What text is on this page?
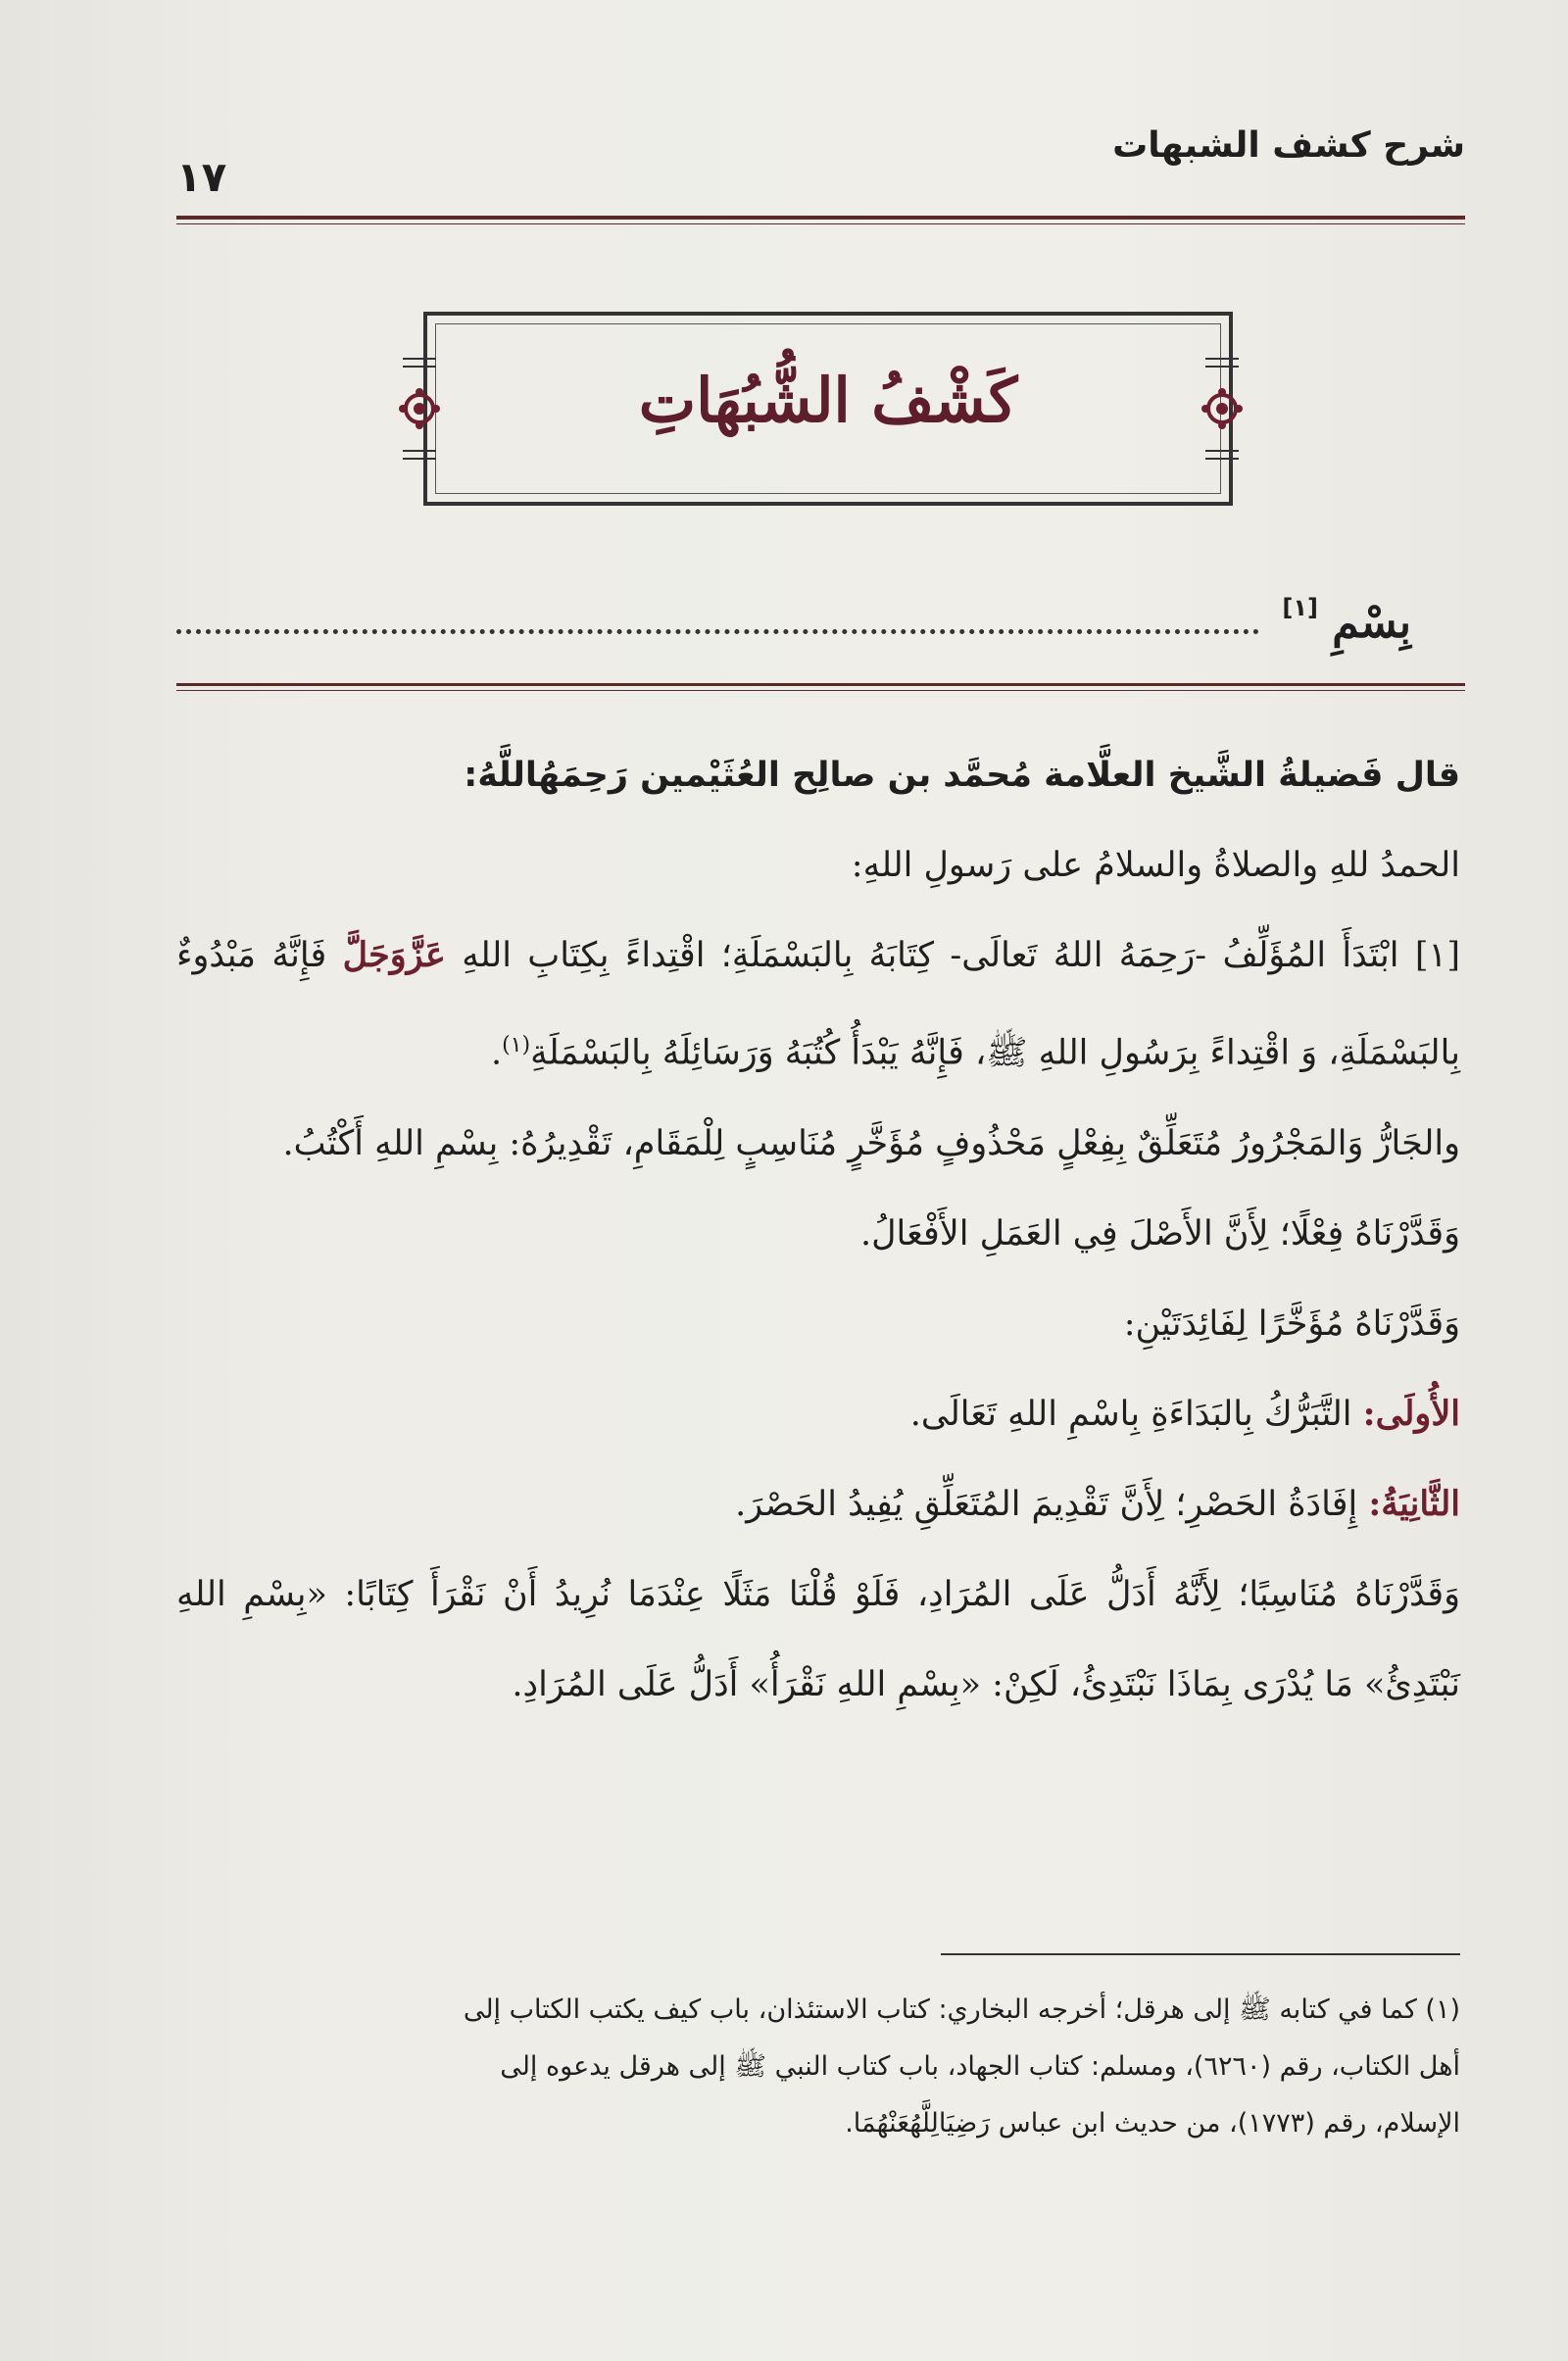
شرح كشف الشبهات
١٧
كَشْفُ الشُّبُهَاتِ
بِسْمِ
[١]

قال فَضيلةُ الشَّيخ العلَّامة مُحمَّد بن صالِح العُثَيْمين رَحِمَهُاللَّهُ:

الحمدُ للهِ والصلاةُ والسلامُ على رَسولِ اللهِ:

[١] ابْتَدَأَ المُؤَلِّفُ -رَحِمَهُ اللهُ تَعالَى- كِتَابَهُ بِالبَسْمَلَةِ؛ اقْتِداءً بِكِتَابِ اللهِ عَزَّوَجَلَّ فَإِنَّهُ مَبْدُوءٌ بِالبَسْمَلَةِ، وَ اقْتِداءً بِرَسُولِ اللهِ ﷺ، فَإِنَّهُ يَبْدَأُ كُتُبَهُ وَرَسَائِلَهُ بِالبَسْمَلَةِ$^{(١)}$.

والجَارُّ وَالمَجْرُورُ مُتَعَلِّقٌ بِفِعْلٍ مَحْذُوفٍ مُؤَخَّرٍ مُنَاسِبٍ لِلْمَقَامِ، تَقْدِيرُهُ: بِسْمِ اللهِ أَكْتُبُ.

وَقَدَّرْنَاهُ فِعْلًا؛ لِأَنَّ الأَصْلَ فِي العَمَلِ الأَفْعَالُ.

وَقَدَّرْنَاهُ مُؤَخَّرًا لِفَائِدَتَيْنِ:

الأُولَى: التَّبَرُّكُ بِالبَدَاءَةِ بِاسْمِ اللهِ تَعَالَى.

الثَّانِيَةُ: إِفَادَةُ الحَصْرِ؛ لِأَنَّ تَقْدِيمَ المُتَعَلِّقِ يُفِيدُ الحَصْرَ.

وَقَدَّرْنَاهُ مُنَاسِبًا؛ لِأَنَّهُ أَدَلُّ عَلَى المُرَادِ، فَلَوْ قُلْنَا مَثَلًا عِنْدَمَا نُرِيدُ أَنْ نَقْرَأَ كِتَابًا: «بِسْمِ اللهِ نَبْتَدِئُ» مَا يُدْرَى بِمَاذَا نَبْتَدِئُ، لَكِنْ: «بِسْمِ اللهِ نَقْرَأُ» أَدَلُّ عَلَى المُرَادِ.

(١) كما في كتابه ﷺ إلى هرقل؛ أخرجه البخاري: كتاب الاستئذان، باب كيف يكتب الكتاب إلى

أهل الكتاب، رقم (٦٢٦٠)، ومسلم: كتاب الجهاد، باب كتاب النبي ﷺ إلى هرقل يدعوه إلى

الإسلام، رقم (١٧٧٣)، من حديث ابن عباس رَضِيَالِلَّهُعَنْهُمَا.
